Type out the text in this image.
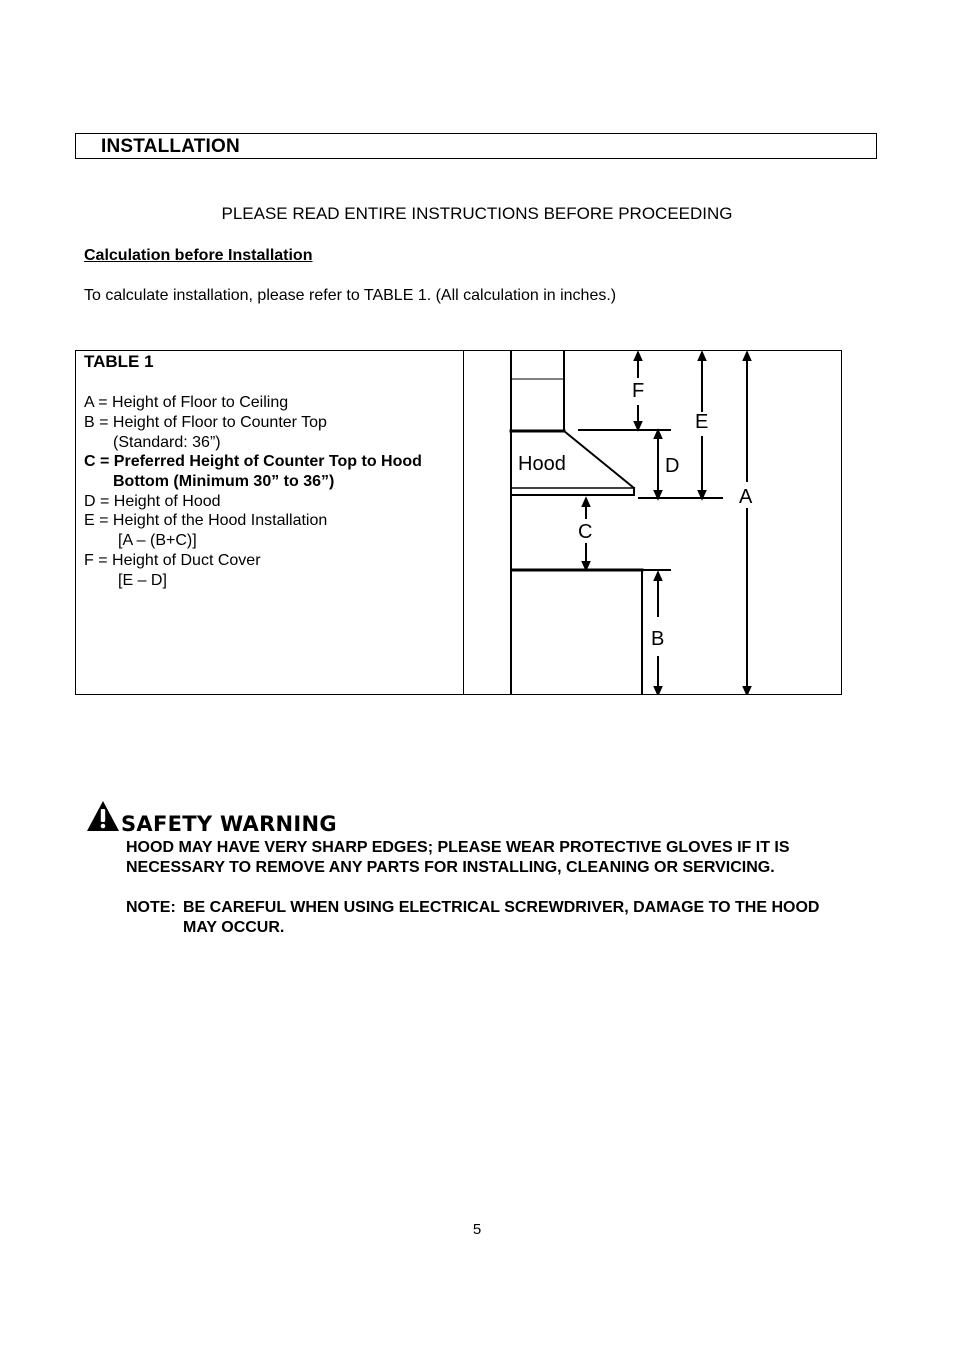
INSTALLATION
PLEASE READ ENTIRE INSTRUCTIONS BEFORE PROCEEDING
Calculation before Installation
To calculate installation, please refer to TABLE 1. (All calculation in inches.)
TABLE 1
A = Height of Floor to Ceiling
B = Height of Floor to Counter Top
(Standard: 36”)
C = Preferred Height of Counter Top to Hood
Bottom (Minimum 30” to 36”)
D = Height of Hood
E = Height of the Hood Installation
[A – (B+C)]
F = Height of Duct Cover
[E – D]
Hood
F
E
D
C
B
A
SAFETY WARNING
HOOD MAY HAVE VERY SHARP EDGES; PLEASE WEAR PROTECTIVE GLOVES IF IT IS
NECESSARY TO REMOVE ANY PARTS FOR INSTALLING, CLEANING OR SERVICING.
NOTE: BE CAREFUL WHEN USING ELECTRICAL SCREWDRIVER, DAMAGE TO THE HOOD
MAY OCCUR.
5
